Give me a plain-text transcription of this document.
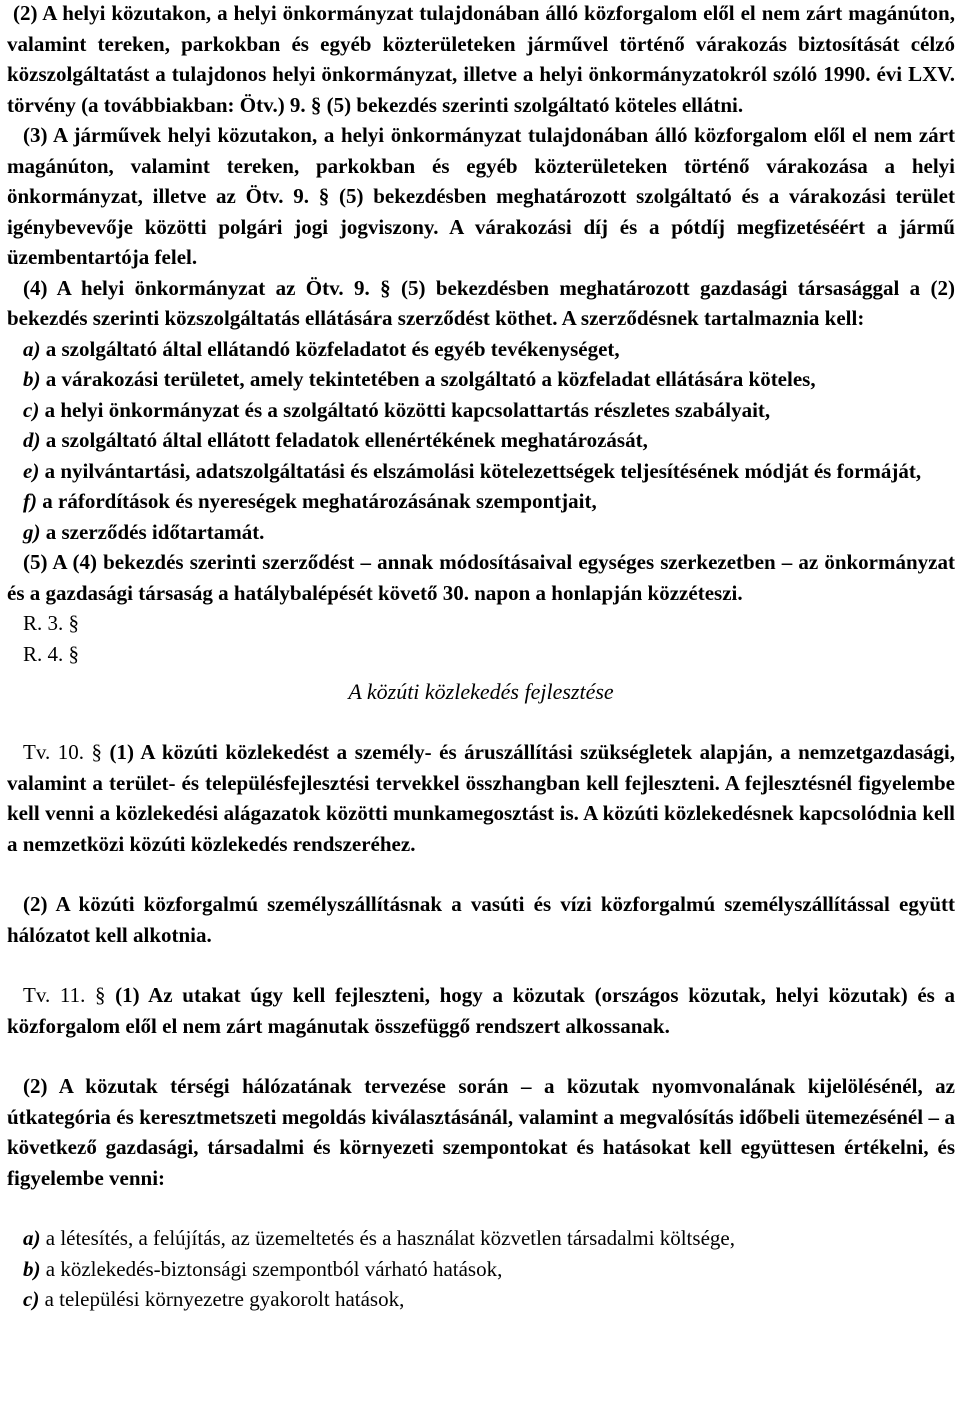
(2) A helyi közutakon, a helyi önkormányzat tulajdonában álló közforgalom elől el nem zárt magánúton, valamint tereken, parkokban és egyéb közterületeken járművel történő várakozás biztosítását célzó közszolgáltatást a tulajdonos helyi önkormányzat, illetve a helyi önkormányzatokról szóló 1990. évi LXV. törvény (a továbbiakban: Ötv.) 9. § (5) bekezdés szerinti szolgáltató köteles ellátni.

(3) A járművek helyi közutakon, a helyi önkormányzat tulajdonában álló közforgalom elől el nem zárt magánúton, valamint tereken, parkokban és egyéb közterületeken történő várakozása a helyi önkormányzat, illetve az Ötv. 9. § (5) bekezdésben meghatározott szolgáltató és a várakozási terület igénybevevője közötti polgári jogi jogviszony. A várakozási díj és a pótdíj megfizetéséért a jármű üzembentartója felel.

(4) A helyi önkormányzat az Ötv. 9. § (5) bekezdésben meghatározott gazdasági társasággal a (2) bekezdés szerinti közszolgáltatás ellátására szerződést köthet. A szerződésnek tartalmaznia kell:

a) a szolgáltató által ellátandó közfeladatot és egyéb tevékenységet,

b) a várakozási területet, amely tekintetében a szolgáltató a közfeladat ellátására köteles,

c) a helyi önkormányzat és a szolgáltató közötti kapcsolattartás részletes szabályait,

d) a szolgáltató által ellátott feladatok ellenértékének meghatározását,

e) a nyilvántartási, adatszolgáltatási és elszámolási kötelezettségek teljesítésének módját és formáját,

f) a ráfordítások és nyereségek meghatározásának szempontjait,

g) a szerződés időtartamát.

(5) A (4) bekezdés szerinti szerződést – annak módosításaival egységes szerkezetben – az önkormányzat és a gazdasági társaság a hatálybalépését követő 30. napon a honlapján közzéteszi.

R. 3. §

R. 4. §

A közúti közlekedés fejlesztése

Tv. 10. § (1) A közúti közlekedést a személy- és áruszállítási szükségletek alapján, a nemzetgazdasági, valamint a terület- és településfejlesztési tervekkel összhangban kell fejleszteni. A fejlesztésnél figyelembe kell venni a közlekedési alágazatok közötti munkamegosztást is. A közúti közlekedésnek kapcsolódnia kell a nemzetközi közúti közlekedés rendszeréhez.

(2) A közúti közforgalmú személyszállításnak a vasúti és vízi közforgalmú személyszállítással együtt hálózatot kell alkotnia.

Tv. 11. § (1) Az utakat úgy kell fejleszteni, hogy a közutak (országos közutak, helyi közutak) és a közforgalom elől el nem zárt magánutak összefüggő rendszert alkossanak.

(2) A közutak térségi hálózatának tervezése során – a közutak nyomvonalának kijelölésénél, az útkategória és keresztmetszeti megoldás kiválasztásánál, valamint a megvalósítás időbeli ütemezésénél – a következő gazdasági, társadalmi és környezeti szempontokat és hatásokat kell együttesen értékelni, és figyelembe venni:

a) a létesítés, a felújítás, az üzemeltetés és a használat közvetlen társadalmi költsége,

b) a közlekedés-biztonsági szempontból várható hatások,

c) a települési környezetre gyakorolt hatások,
